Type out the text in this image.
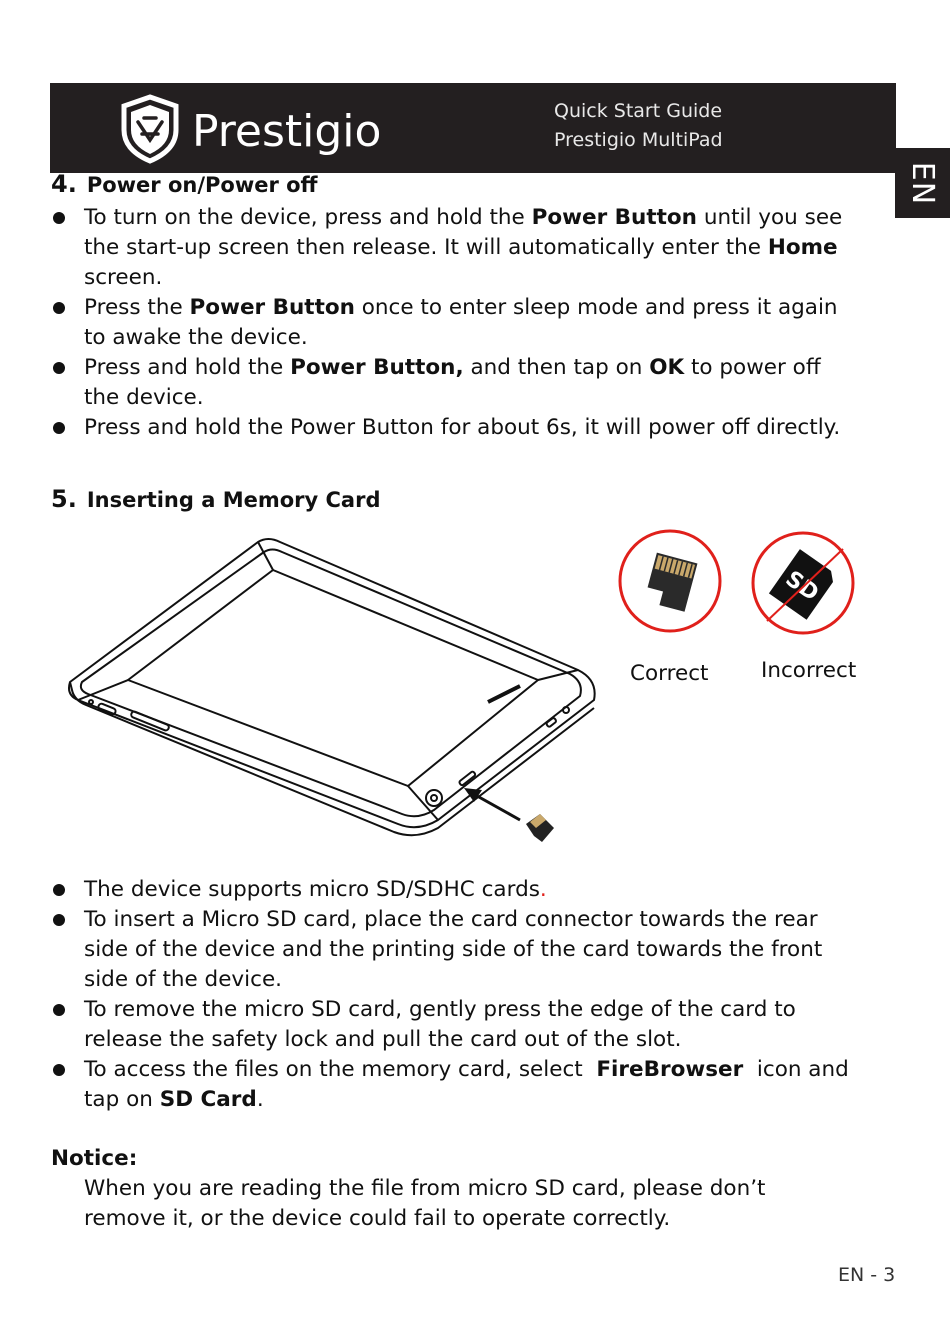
Prestigio	Quick Start Guide
Prestigio MultiPad
EN
4. Power on/Power off
To turn on the device, press and hold the Power Button until you see the start-up screen then release. It will automatically enter the Home screen.
Press the Power Button once to enter sleep mode and press it again to awake the device.
Press and hold the Power Button, and then tap on OK to power off the device.
Press and hold the Power Button for about 6s, it will power off directly.
5. Inserting a Memory Card
SD
Correct Incorrect
The device supports micro SD/SDHC cards.
To insert a Micro SD card, place the card connector towards the rear side of the device and the printing side of the card towards the front side of the device.
To remove the micro SD card, gently press the edge of the card to release the safety lock and pull the card out of the slot.
To access the files on the memory card, select  FireBrowser  icon and tap on SD Card.
Notice:
When you are reading the file from micro SD card, please don’t remove it, or the device could fail to operate correctly.
EN - 3
